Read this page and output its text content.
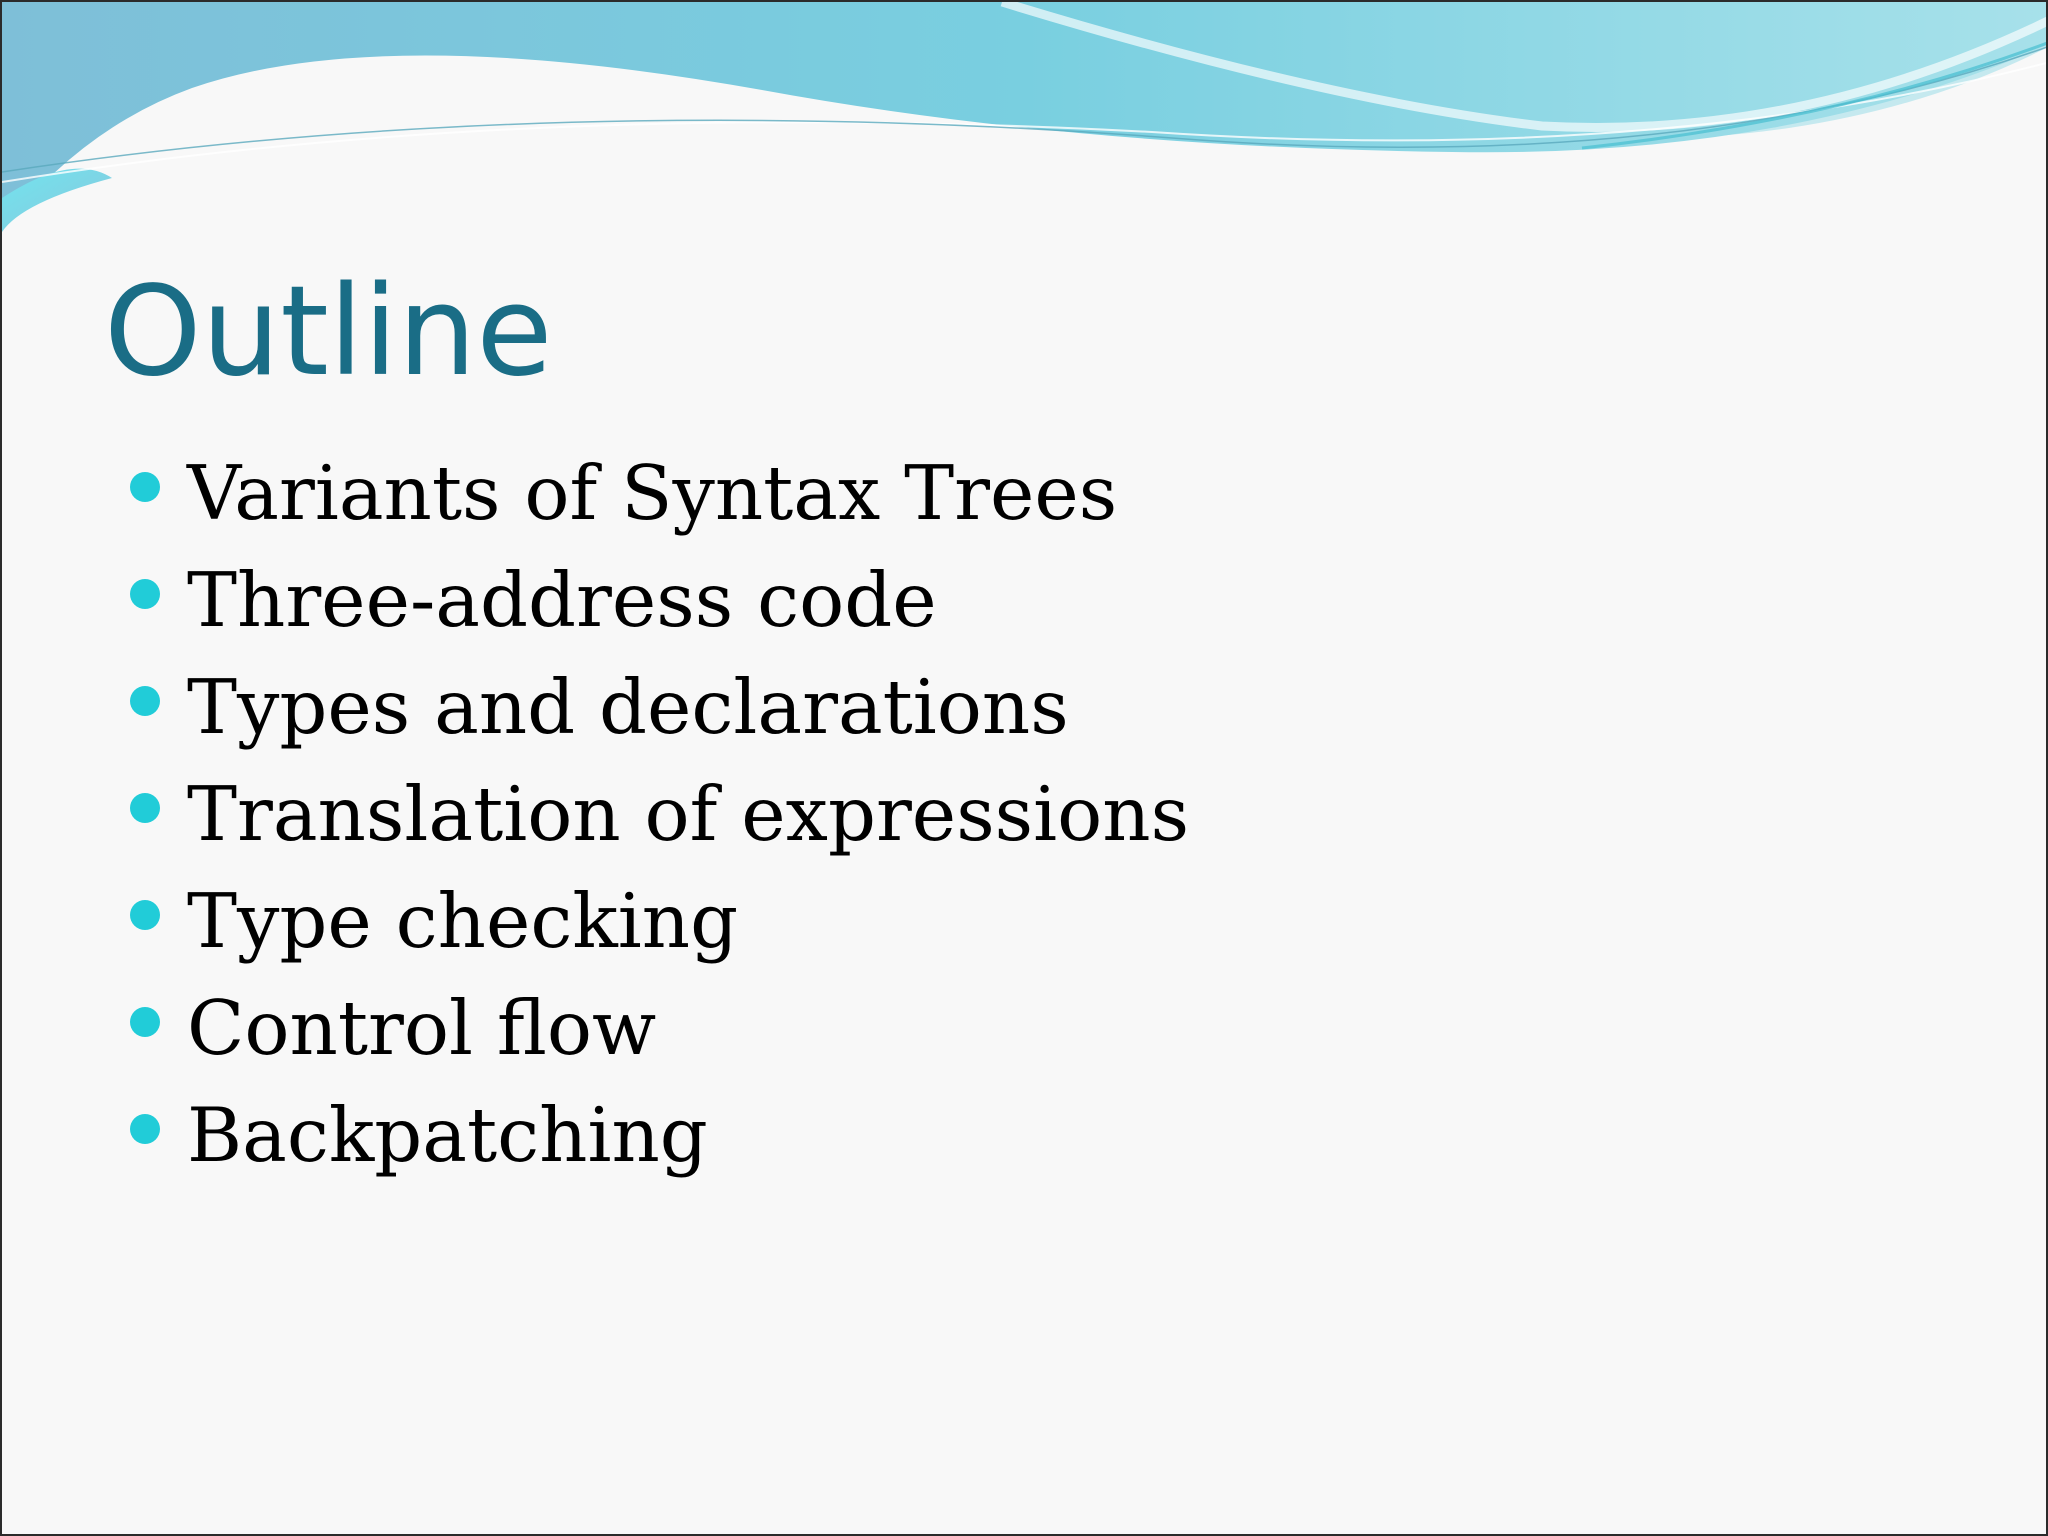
Outline
Variants of Syntax Trees
Three-address code
Types and declarations
Translation of expressions
Type checking
Control flow
Backpatching
